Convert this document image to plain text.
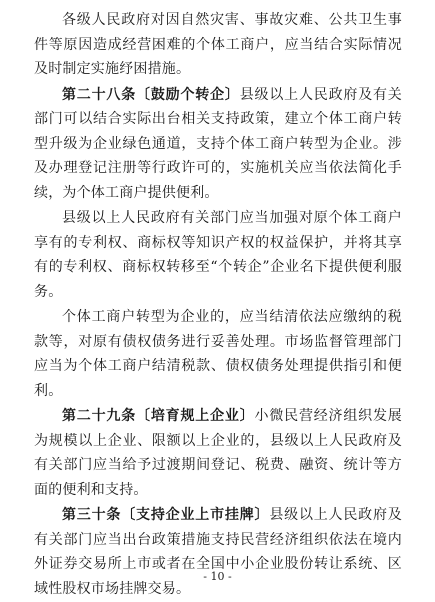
各级人民政府对因自然灾害、事故灾难、公共卫生事件等原因造成经营困难的个体工商户，应当结合实际情况及时制定实施纾困措施。

第二十八条〔鼓励个转企〕县级以上人民政府及有关部门可以结合实际出台相关支持政策，建立个体工商户转型升级为企业绿色通道，支持个体工商户转型为企业。涉及办理登记注册等行政许可的，实施机关应当依法简化手续，为个体工商户提供便利。

县级以上人民政府有关部门应当加强对原个体工商户享有的专利权、商标权等知识产权的权益保护，并将其享有的专利权、商标权转移至“个转企”企业名下提供便利服务。

个体工商户转型为企业的，应当结清依法应缴纳的税款等，对原有债权债务进行妥善处理。市场监督管理部门应当为个体工商户结清税款、债权债务处理提供指引和便利。

第二十九条〔培育规上企业〕小微民营经济组织发展为规模以上企业、限额以上企业的，县级以上人民政府及有关部门应当给予过渡期间登记、税费、融资、统计等方面的便利和支持。

第三十条〔支持企业上市挂牌〕县级以上人民政府及有关部门应当出台政策措施支持民营经济组织依法在境内外证券交易所上市或者在全国中小企业股份转让系统、区域性股权市场挂牌交易。

- 10 -
